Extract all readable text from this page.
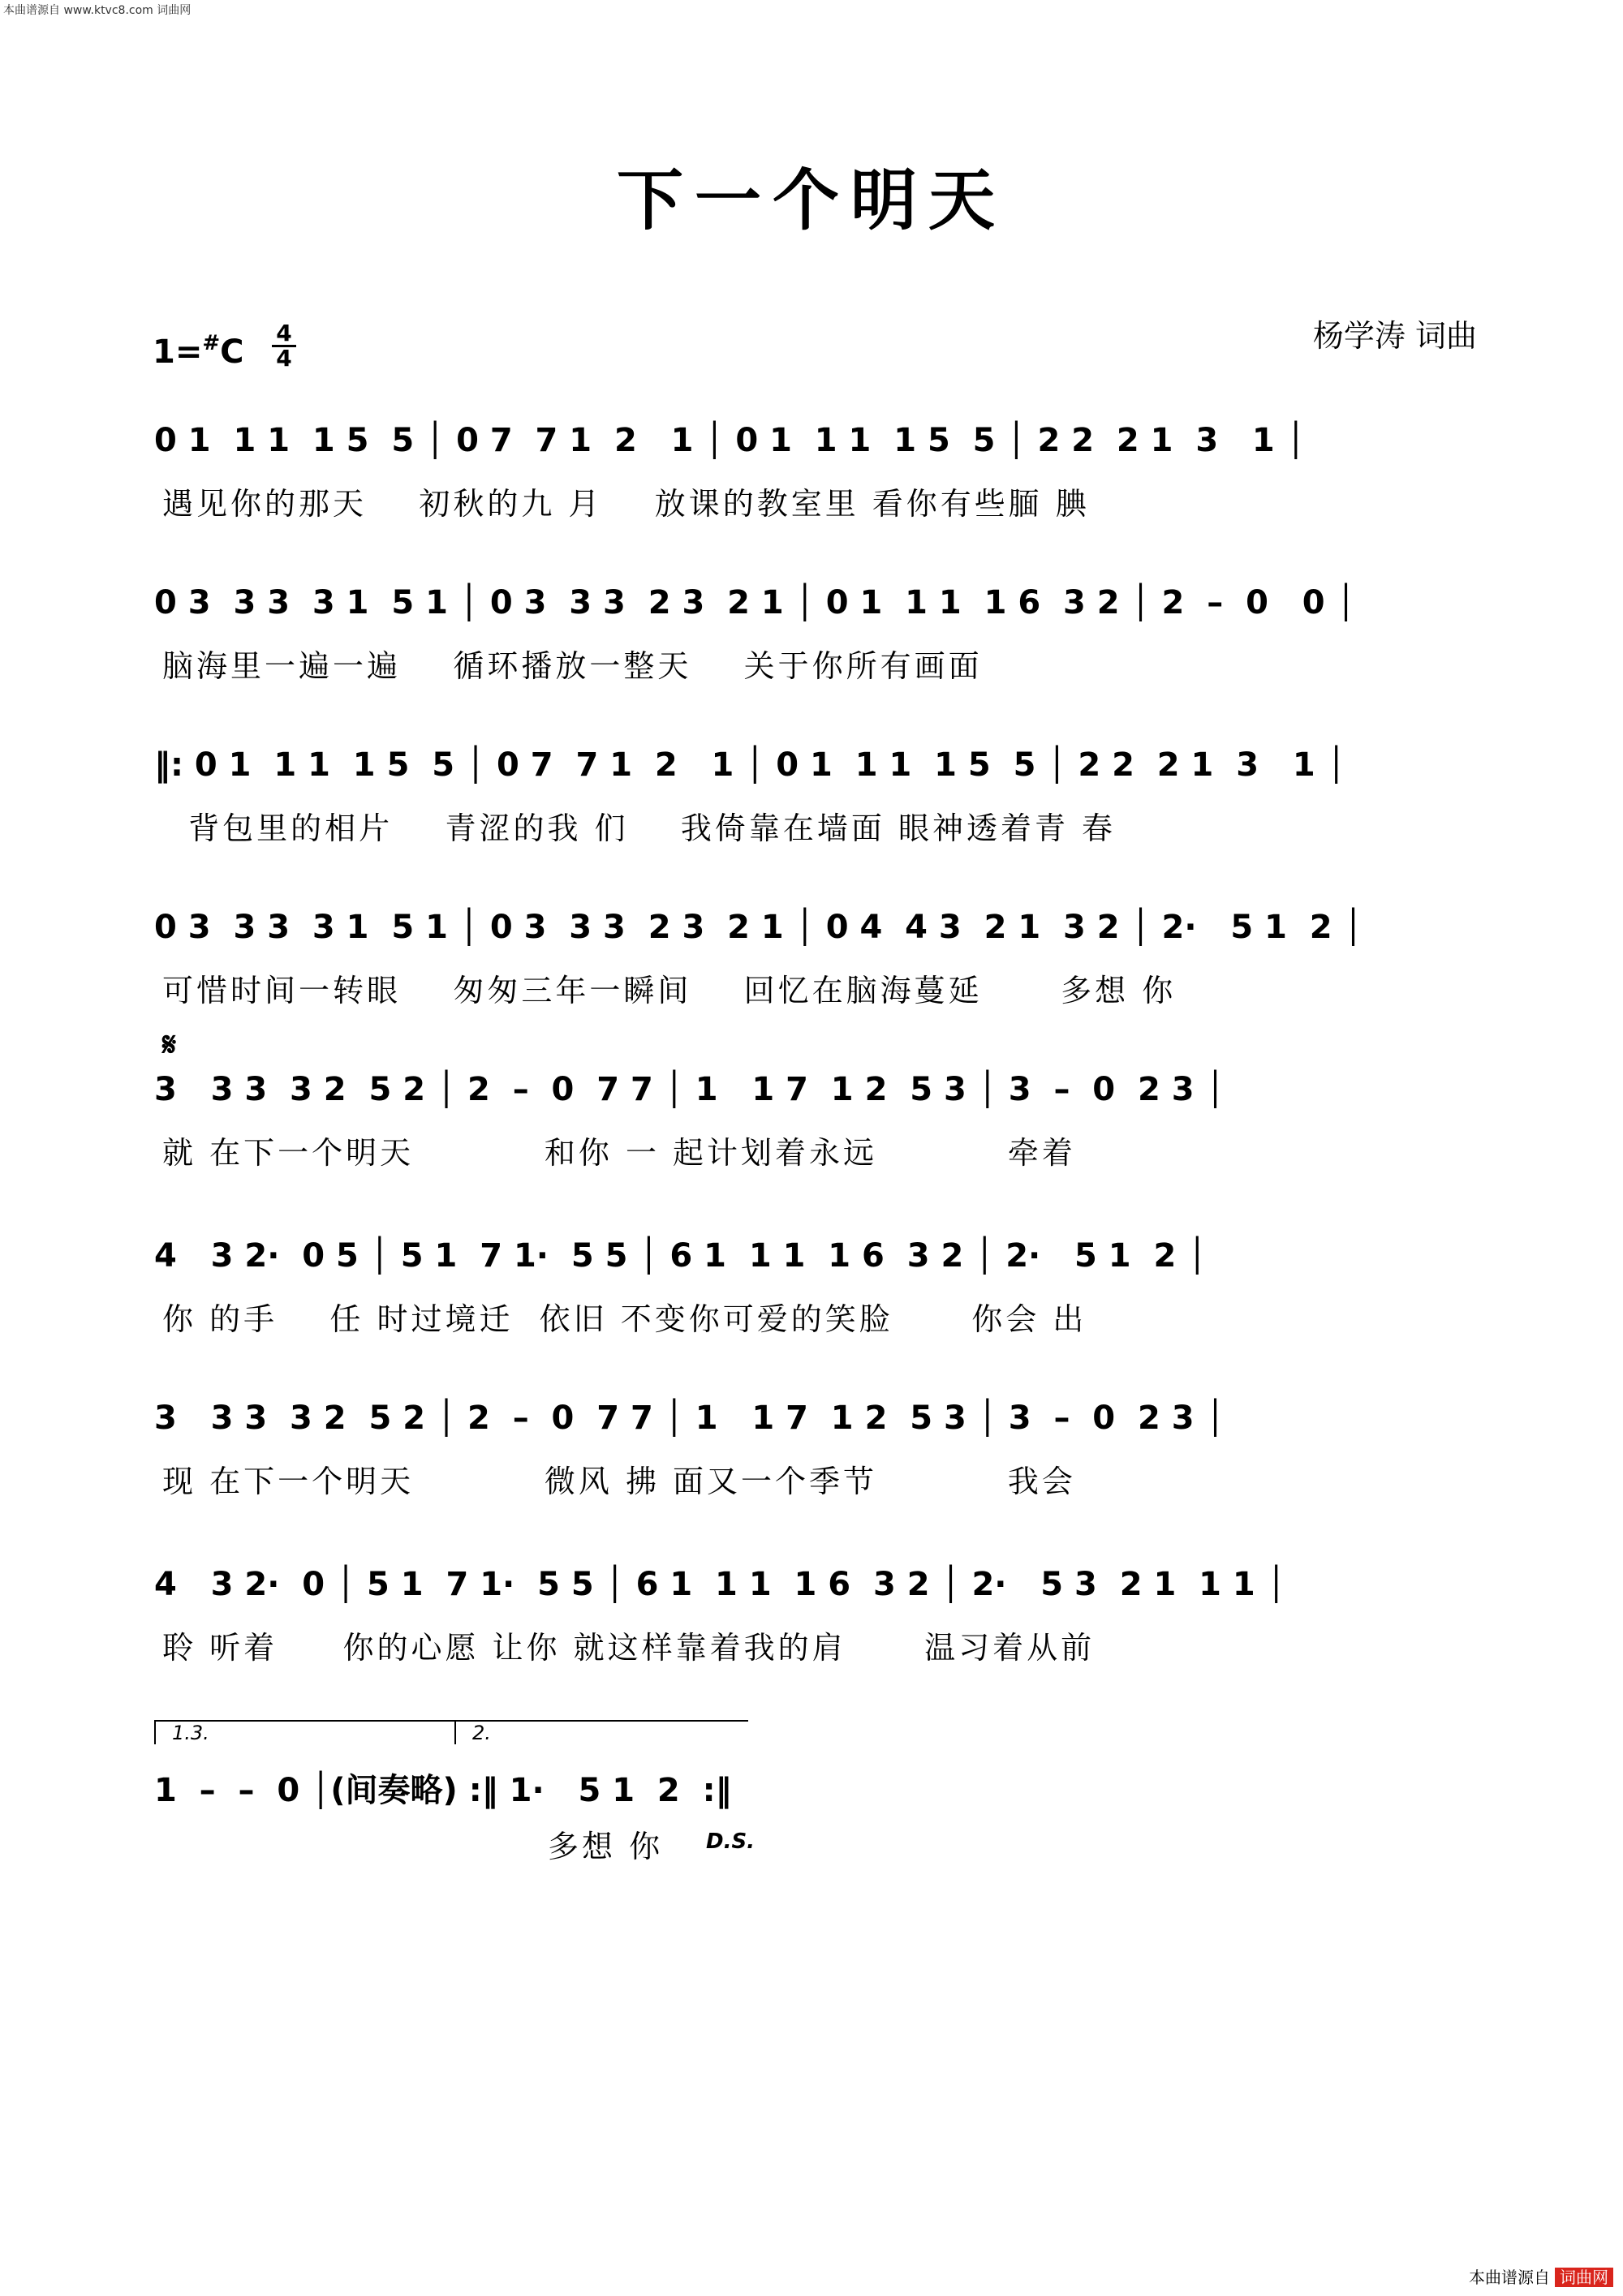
本曲谱源自 www.ktvc8.com 词曲网
下一个明天
杨学涛 词曲
1=#C
4
4
0 1  1 1  1 5  5 │ 0 7  7 1  2   1 │ 0 1  1 1  1 5  5 │ 2 2  2 1  3   1 │
遇见你的那天    初秋的九 月    放课的教室里 看你有些腼 腆
0 3  3 3  3 1  5 1 │ 0 3  3 3  2 3  2 1 │ 0 1  1 1  1 6  3 2 │ 2  –  0   0 │
脑海里一遍一遍    循环播放一整天    关于你所有画面
‖: 0 1  1 1  1 5  5 │ 0 7  7 1  2   1 │ 0 1  1 1  1 5  5 │ 2 2  2 1  3   1 │
背包里的相片    青涩的我 们    我倚靠在墙面 眼神透着青 春
0 3  3 3  3 1  5 1 │ 0 3  3 3  2 3  2 1 │ 0 4  4 3  2 1  3 2 │ 2·   5 1  2 │
可惜时间一转眼    匆匆三年一瞬间    回忆在脑海蔓延      多想 你
3   3 3  3 2  5 2 │ 2  –  0  7 7 │ 1   1 7  1 2  5 3 │ 3  –  0  2 3 │
就 在下一个明天          和你 一 起计划着永远          牵着
4   3 2·  0 5 │ 5 1  7 1·  5 5 │ 6 1  1 1  1 6  3 2 │ 2·   5 1  2 │
你 的手    任 时过境迁  依旧 不变你可爱的笑脸      你会 出
3   3 3  3 2  5 2 │ 2  –  0  7 7 │ 1   1 7  1 2  5 3 │ 3  –  0  2 3 │
现 在下一个明天          微风 拂 面又一个季节          我会
4   3 2·  0 │ 5 1  7 1·  5 5 │ 6 1  1 1  1 6  3 2 │ 2·   5 3  2 1  1 1 │
聆 听着     你的心愿 让你 就这样靠着我的肩      温习着从前
𝄋
1.3.	2.
1  –  –  0 │(间奏略) :‖ 1·   5 1  2  :‖
多想 你 D.S.
本曲谱源自 词曲网
